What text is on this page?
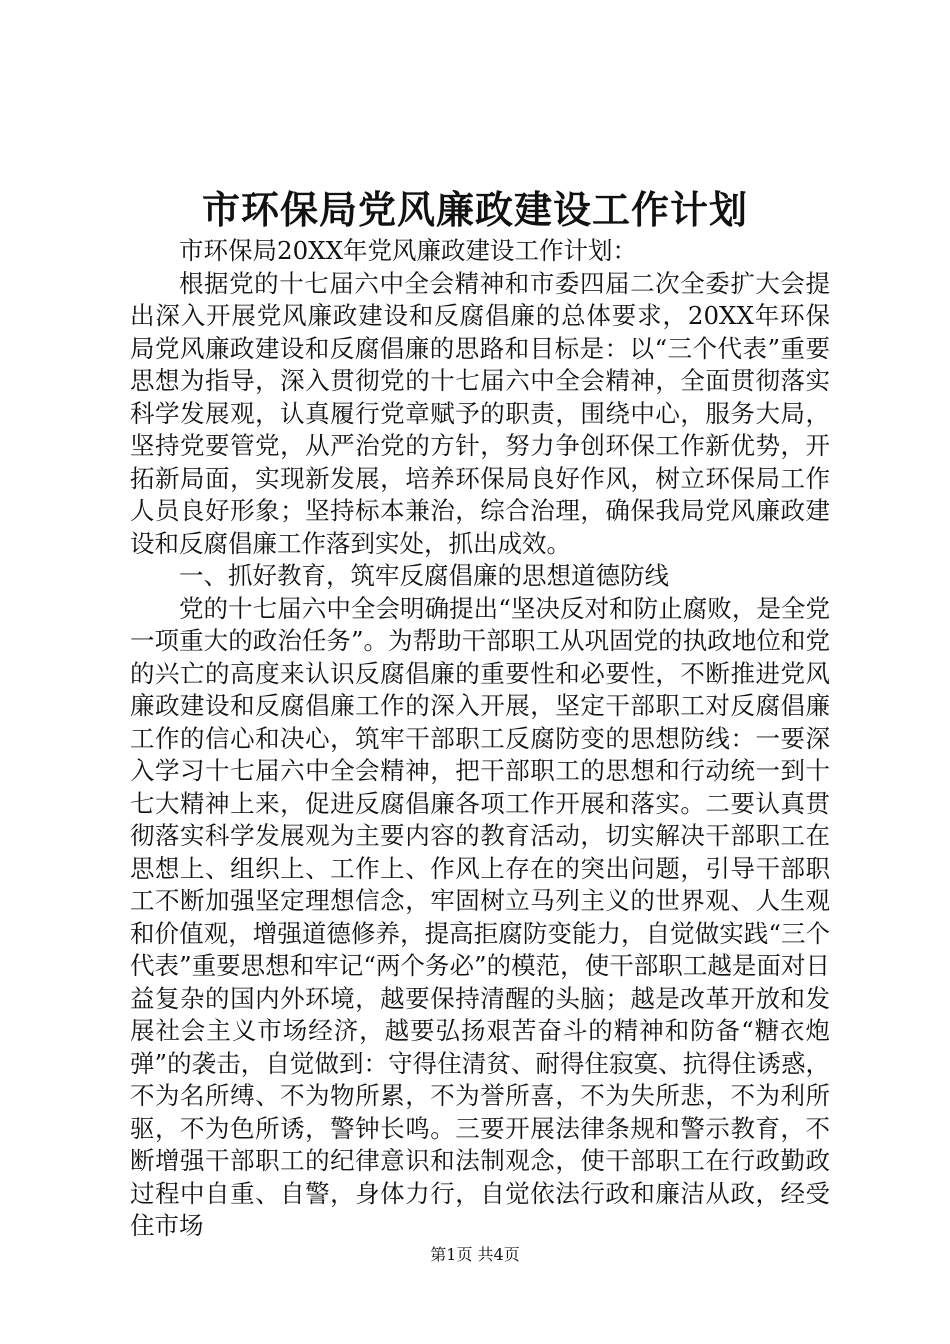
市环保局党风廉政建设工作计划

市环保局20XX年党风廉政建设工作计划：

根据党的十七届六中全会精神和市委四届二次全委扩大会提出深入开展党风廉政建设和反腐倡廉的总体要求，20XX年环保局党风廉政建设和反腐倡廉的思路和目标是：以“三个代表”重要思想为指导，深入贯彻党的十七届六中全会精神，全面贯彻落实科学发展观，认真履行党章赋予的职责，围绕中心，服务大局，坚持党要管党，从严治党的方针，努力争创环保工作新优势，开拓新局面，实现新发展，培养环保局良好作风，树立环保局工作人员良好形象；坚持标本兼治，综合治理，确保我局党风廉政建设和反腐倡廉工作落到实处，抓出成效。

一、抓好教育，筑牢反腐倡廉的思想道德防线

党的十七届六中全会明确提出“坚决反对和防止腐败，是全党一项重大的政治任务”。为帮助干部职工从巩固党的执政地位和党的兴亡的高度来认识反腐倡廉的重要性和必要性，不断推进党风廉政建设和反腐倡廉工作的深入开展，坚定干部职工对反腐倡廉工作的信心和决心，筑牢干部职工反腐防变的思想防线：一要深入学习十七届六中全会精神，把干部职工的思想和行动统一到十七大精神上来，促进反腐倡廉各项工作开展和落实。二要认真贯彻落实科学发展观为主要内容的教育活动，切实解决干部职工在思想上、组织上、工作上、作风上存在的突出问题，引导干部职工不断加强坚定理想信念，牢固树立马列主义的世界观、人生观和价值观，增强道德修养，提高拒腐防变能力，自觉做实践“三个代表”重要思想和牢记“两个务必”的模范，使干部职工越是面对日益复杂的国内外环境，越要保持清醒的头脑；越是改革开放和发展社会主义市场经济，越要弘扬艰苦奋斗的精神和防备“糖衣炮弹”的袭击，自觉做到：守得住清贫、耐得住寂寞、抗得住诱惑，不为名所缚、不为物所累，不为誉所喜，不为失所悲，不为利所驱，不为色所诱，警钟长鸣。三要开展法律条规和警示教育，不断增强干部职工的纪律意识和法制观念，使干部职工在行政勤政过程中自重、自警，身体力行，自觉依法行政和廉洁从政，经受住市场

第1页 共4页
